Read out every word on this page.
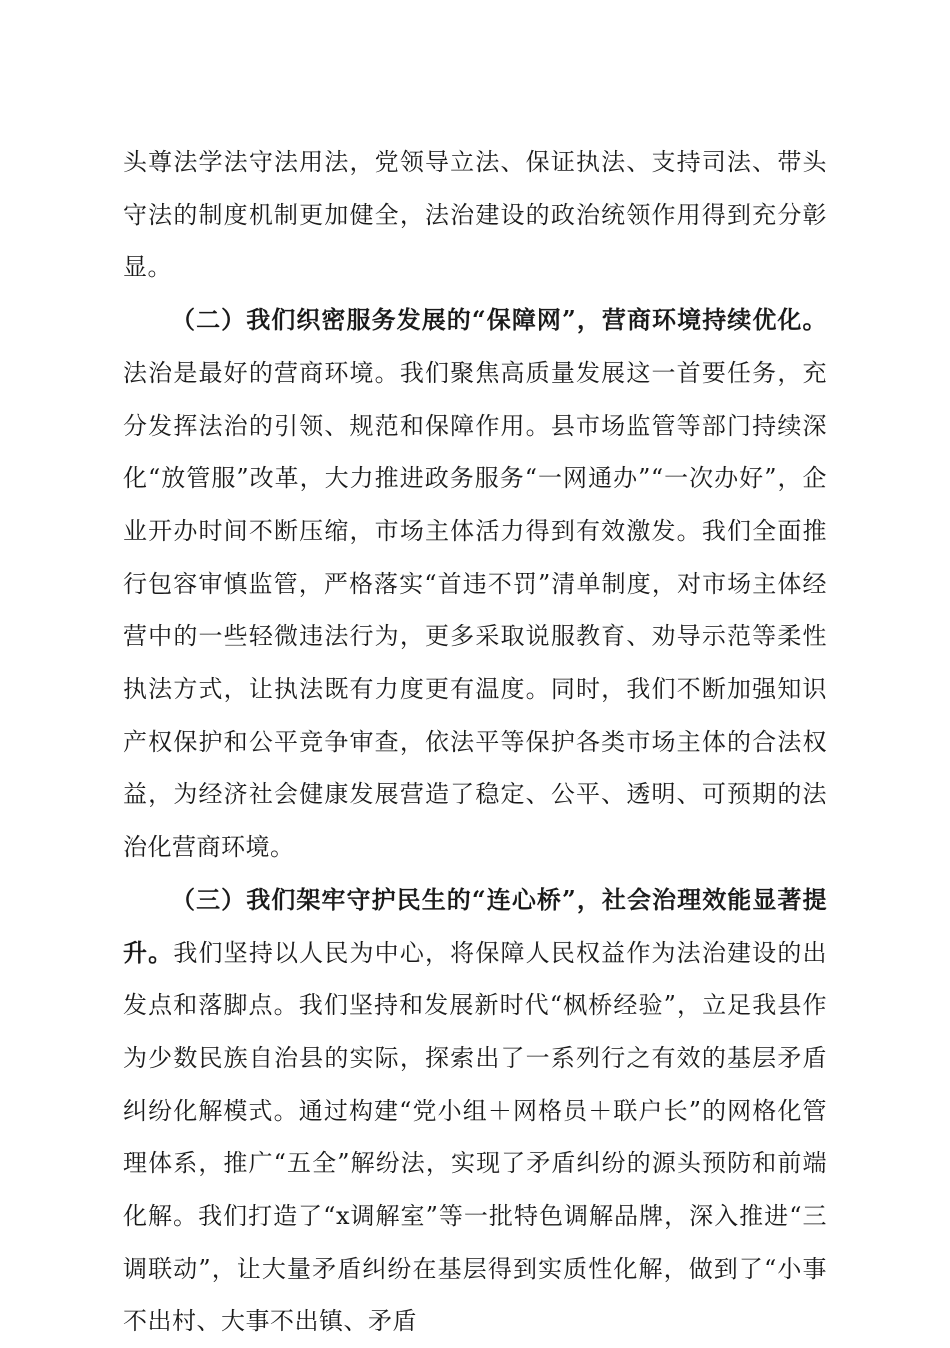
头尊法学法守法用法，党领导立法、保证执法、支持司法、带头守法的制度机制更加健全，法治建设的政治统领作用得到充分彰显。

（二）我们织密服务发展的“保障网”，营商环境持续优化。法治是最好的营商环境。我们聚焦高质量发展这一首要任务，充分发挥法治的引领、规范和保障作用。县市场监管等部门持续深化“放管服”改革，大力推进政务服务“一网通办”“一次办好”，企业开办时间不断压缩，市场主体活力得到有效激发。我们全面推行包容审慎监管，严格落实“首违不罚”清单制度，对市场主体经营中的一些轻微违法行为，更多采取说服教育、劝导示范等柔性执法方式，让执法既有力度更有温度。同时，我们不断加强知识产权保护和公平竞争审查，依法平等保护各类市场主体的合法权益，为经济社会健康发展营造了稳定、公平、透明、可预期的法治化营商环境。

（三）我们架牢守护民生的“连心桥”，社会治理效能显著提升。我们坚持以人民为中心，将保障人民权益作为法治建设的出发点和落脚点。我们坚持和发展新时代“枫桥经验”，立足我县作为少数民族自治县的实际，探索出了一系列行之有效的基层矛盾纠纷化解模式。通过构建“党小组＋网格员＋联户长”的网格化管理体系，推广“五全”解纷法，实现了矛盾纠纷的源头预防和前端化解。我们打造了“x调解室”等一批特色调解品牌，深入推进“三调联动”，让大量矛盾纠纷在基层得到实质性化解，做到了“小事不出村、大事不出镇、矛盾
